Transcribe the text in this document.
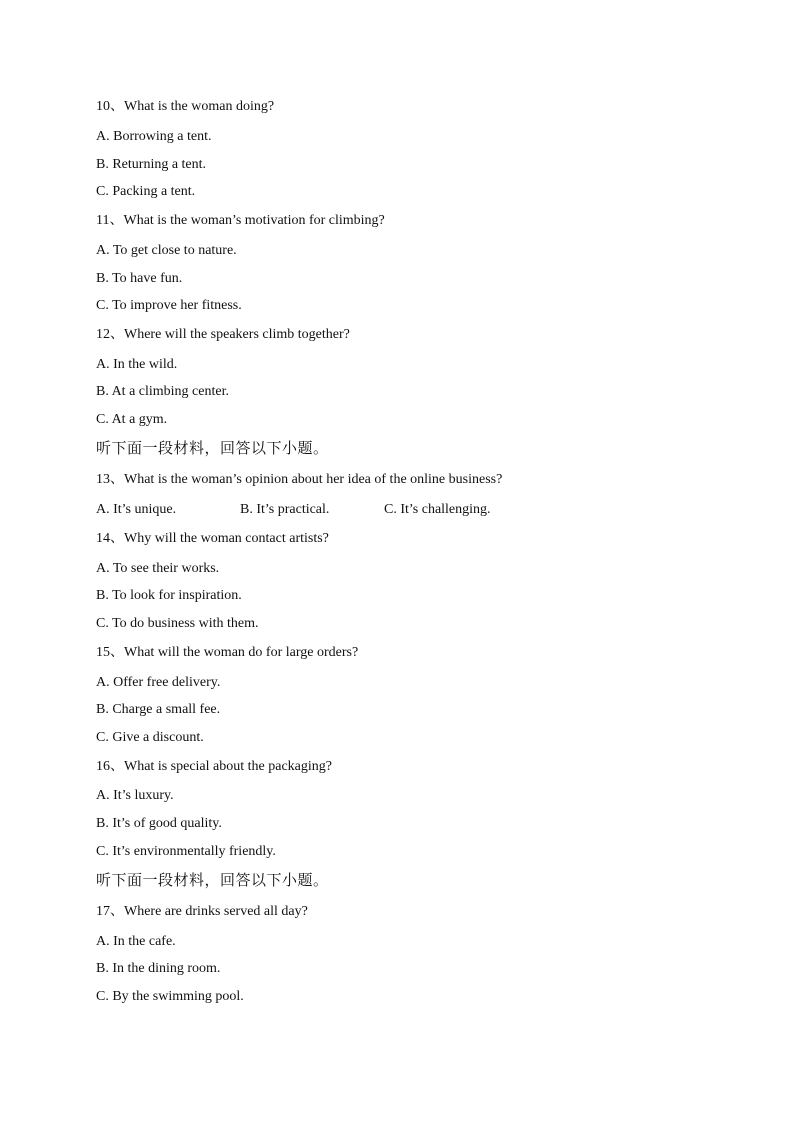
10、What is the woman doing?
A. Borrowing a tent.
B. Returning a tent.
C. Packing a tent.
11、What is the woman’s motivation for climbing?
A. To get close to nature.
B. To have fun.
C. To improve her fitness.
12、Where will the speakers climb together?
A. In the wild.
B. At a climbing center.
C. At a gym.
听下面一段材料，回答以下小题。
13、What is the woman’s opinion about her idea of the online business?
A. It’s unique.	B. It’s practical.	C. It’s challenging.
14、Why will the woman contact artists?
A. To see their works.
B. To look for inspiration.
C. To do business with them.
15、What will the woman do for large orders?
A. Offer free delivery.
B. Charge a small fee.
C. Give a discount.
16、What is special about the packaging?
A. It’s luxury.
B. It’s of good quality.
C. It’s environmentally friendly.
听下面一段材料，回答以下小题。
17、Where are drinks served all day?
A. In the cafe.
B. In the dining room.
C. By the swimming pool.
